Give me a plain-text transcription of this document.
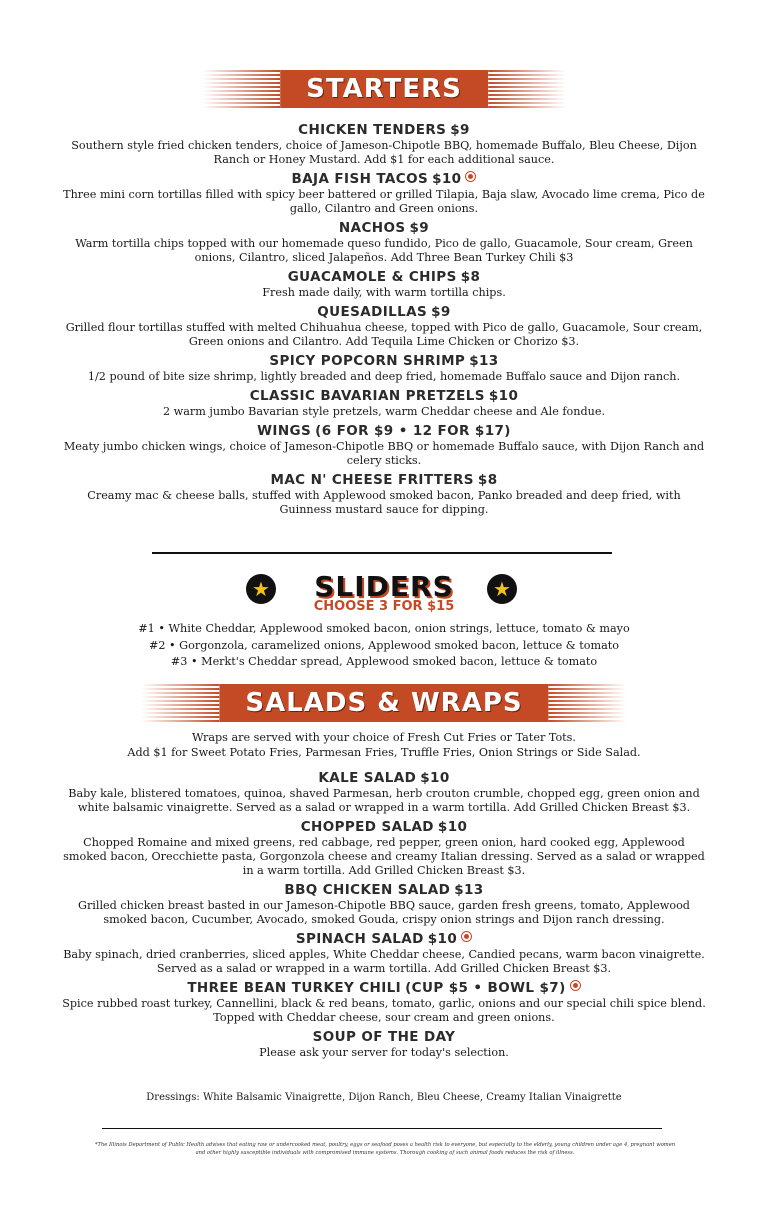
STARTERS
CHICKEN TENDERS $9
Southern style fried chicken tenders, choice of Jameson-Chipotle BBQ, homemade Buffalo, Bleu Cheese, Dijon Ranch or Honey Mustard. Add $1 for each additional sauce.
BAJA FISH TACOS $10
Three mini corn tortillas filled with spicy beer battered or grilled Tilapia, Baja slaw, Avocado lime crema, Pico de gallo, Cilantro and Green onions.
NACHOS $9
Warm tortilla chips topped with our homemade queso fundido, Pico de gallo, Guacamole, Sour cream, Green onions, Cilantro, sliced Jalapeños. Add Three Bean Turkey Chili $3
GUACAMOLE & CHIPS $8
Fresh made daily, with warm tortilla chips.
QUESADILLAS $9
Grilled flour tortillas stuffed with melted Chihuahua cheese, topped with Pico de gallo, Guacamole, Sour cream, Green onions and Cilantro. Add Tequila Lime Chicken or Chorizo $3.
SPICY POPCORN SHRIMP $13
1/2 pound of bite size shrimp, lightly breaded and deep fried, homemade Buffalo sauce and Dijon ranch.
CLASSIC BAVARIAN PRETZELS $10
2 warm jumbo Bavarian style pretzels, warm Cheddar cheese and Ale fondue.
WINGS (6 FOR $9 • 12 FOR $17)
Meaty jumbo chicken wings, choice of Jameson-Chipotle BBQ or homemade Buffalo sauce, with Dijon Ranch and celery sticks.
MAC N' CHEESE FRITTERS $8
Creamy mac & cheese balls, stuffed with Applewood smoked bacon, Panko breaded and deep fried, with Guinness mustard sauce for dipping.
★	★
SLIDERS
CHOOSE 3 FOR $15
#1 • White Cheddar, Applewood smoked bacon, onion strings, lettuce, tomato & mayo
#2 • Gorgonzola, caramelized onions, Applewood smoked bacon, lettuce & tomato
#3 • Merkt's Cheddar spread, Applewood smoked bacon, lettuce & tomato
SALADS & WRAPS
Wraps are served with your choice of Fresh Cut Fries or Tater Tots.
Add $1 for Sweet Potato Fries, Parmesan Fries, Truffle Fries, Onion Strings or Side Salad.
KALE SALAD $10
Baby kale, blistered tomatoes, quinoa, shaved Parmesan, herb crouton crumble, chopped egg, green onion and white balsamic vinaigrette. Served as a salad or wrapped in a warm tortilla. Add Grilled Chicken Breast $3.
CHOPPED SALAD $10
Chopped Romaine and mixed greens, red cabbage, red pepper, green onion, hard cooked egg, Applewood smoked bacon, Orecchiette pasta, Gorgonzola cheese and creamy Italian dressing. Served as a salad or wrapped in a warm tortilla. Add Grilled Chicken Breast $3.
BBQ CHICKEN SALAD $13
Grilled chicken breast basted in our Jameson-Chipotle BBQ sauce, garden fresh greens, tomato, Applewood smoked bacon, Cucumber, Avocado, smoked Gouda, crispy onion strings and Dijon ranch dressing.
SPINACH SALAD $10
Baby spinach, dried cranberries, sliced apples, White Cheddar cheese, Candied pecans, warm bacon vinaigrette. Served as a salad or wrapped in a warm tortilla. Add Grilled Chicken Breast $3.
THREE BEAN TURKEY CHILI (CUP $5 • BOWL $7)
Spice rubbed roast turkey, Cannellini, black & red beans, tomato, garlic, onions and our special chili spice blend. Topped with Cheddar cheese, sour cream and green onions.
SOUP OF THE DAY
Please ask your server for today's selection.
Dressings: White Balsamic Vinaigrette, Dijon Ranch, Bleu Cheese, Creamy Italian Vinaigrette
*The Illinois Department of Public Health advises that eating raw or undercooked meat, poultry, eggs or seafood poses a health risk to everyone, but especially to the elderly, young children under age 4, pregnant women and other highly susceptible individuals with compromised immune systems. Thorough cooking of such animal foods reduces the risk of illness.
